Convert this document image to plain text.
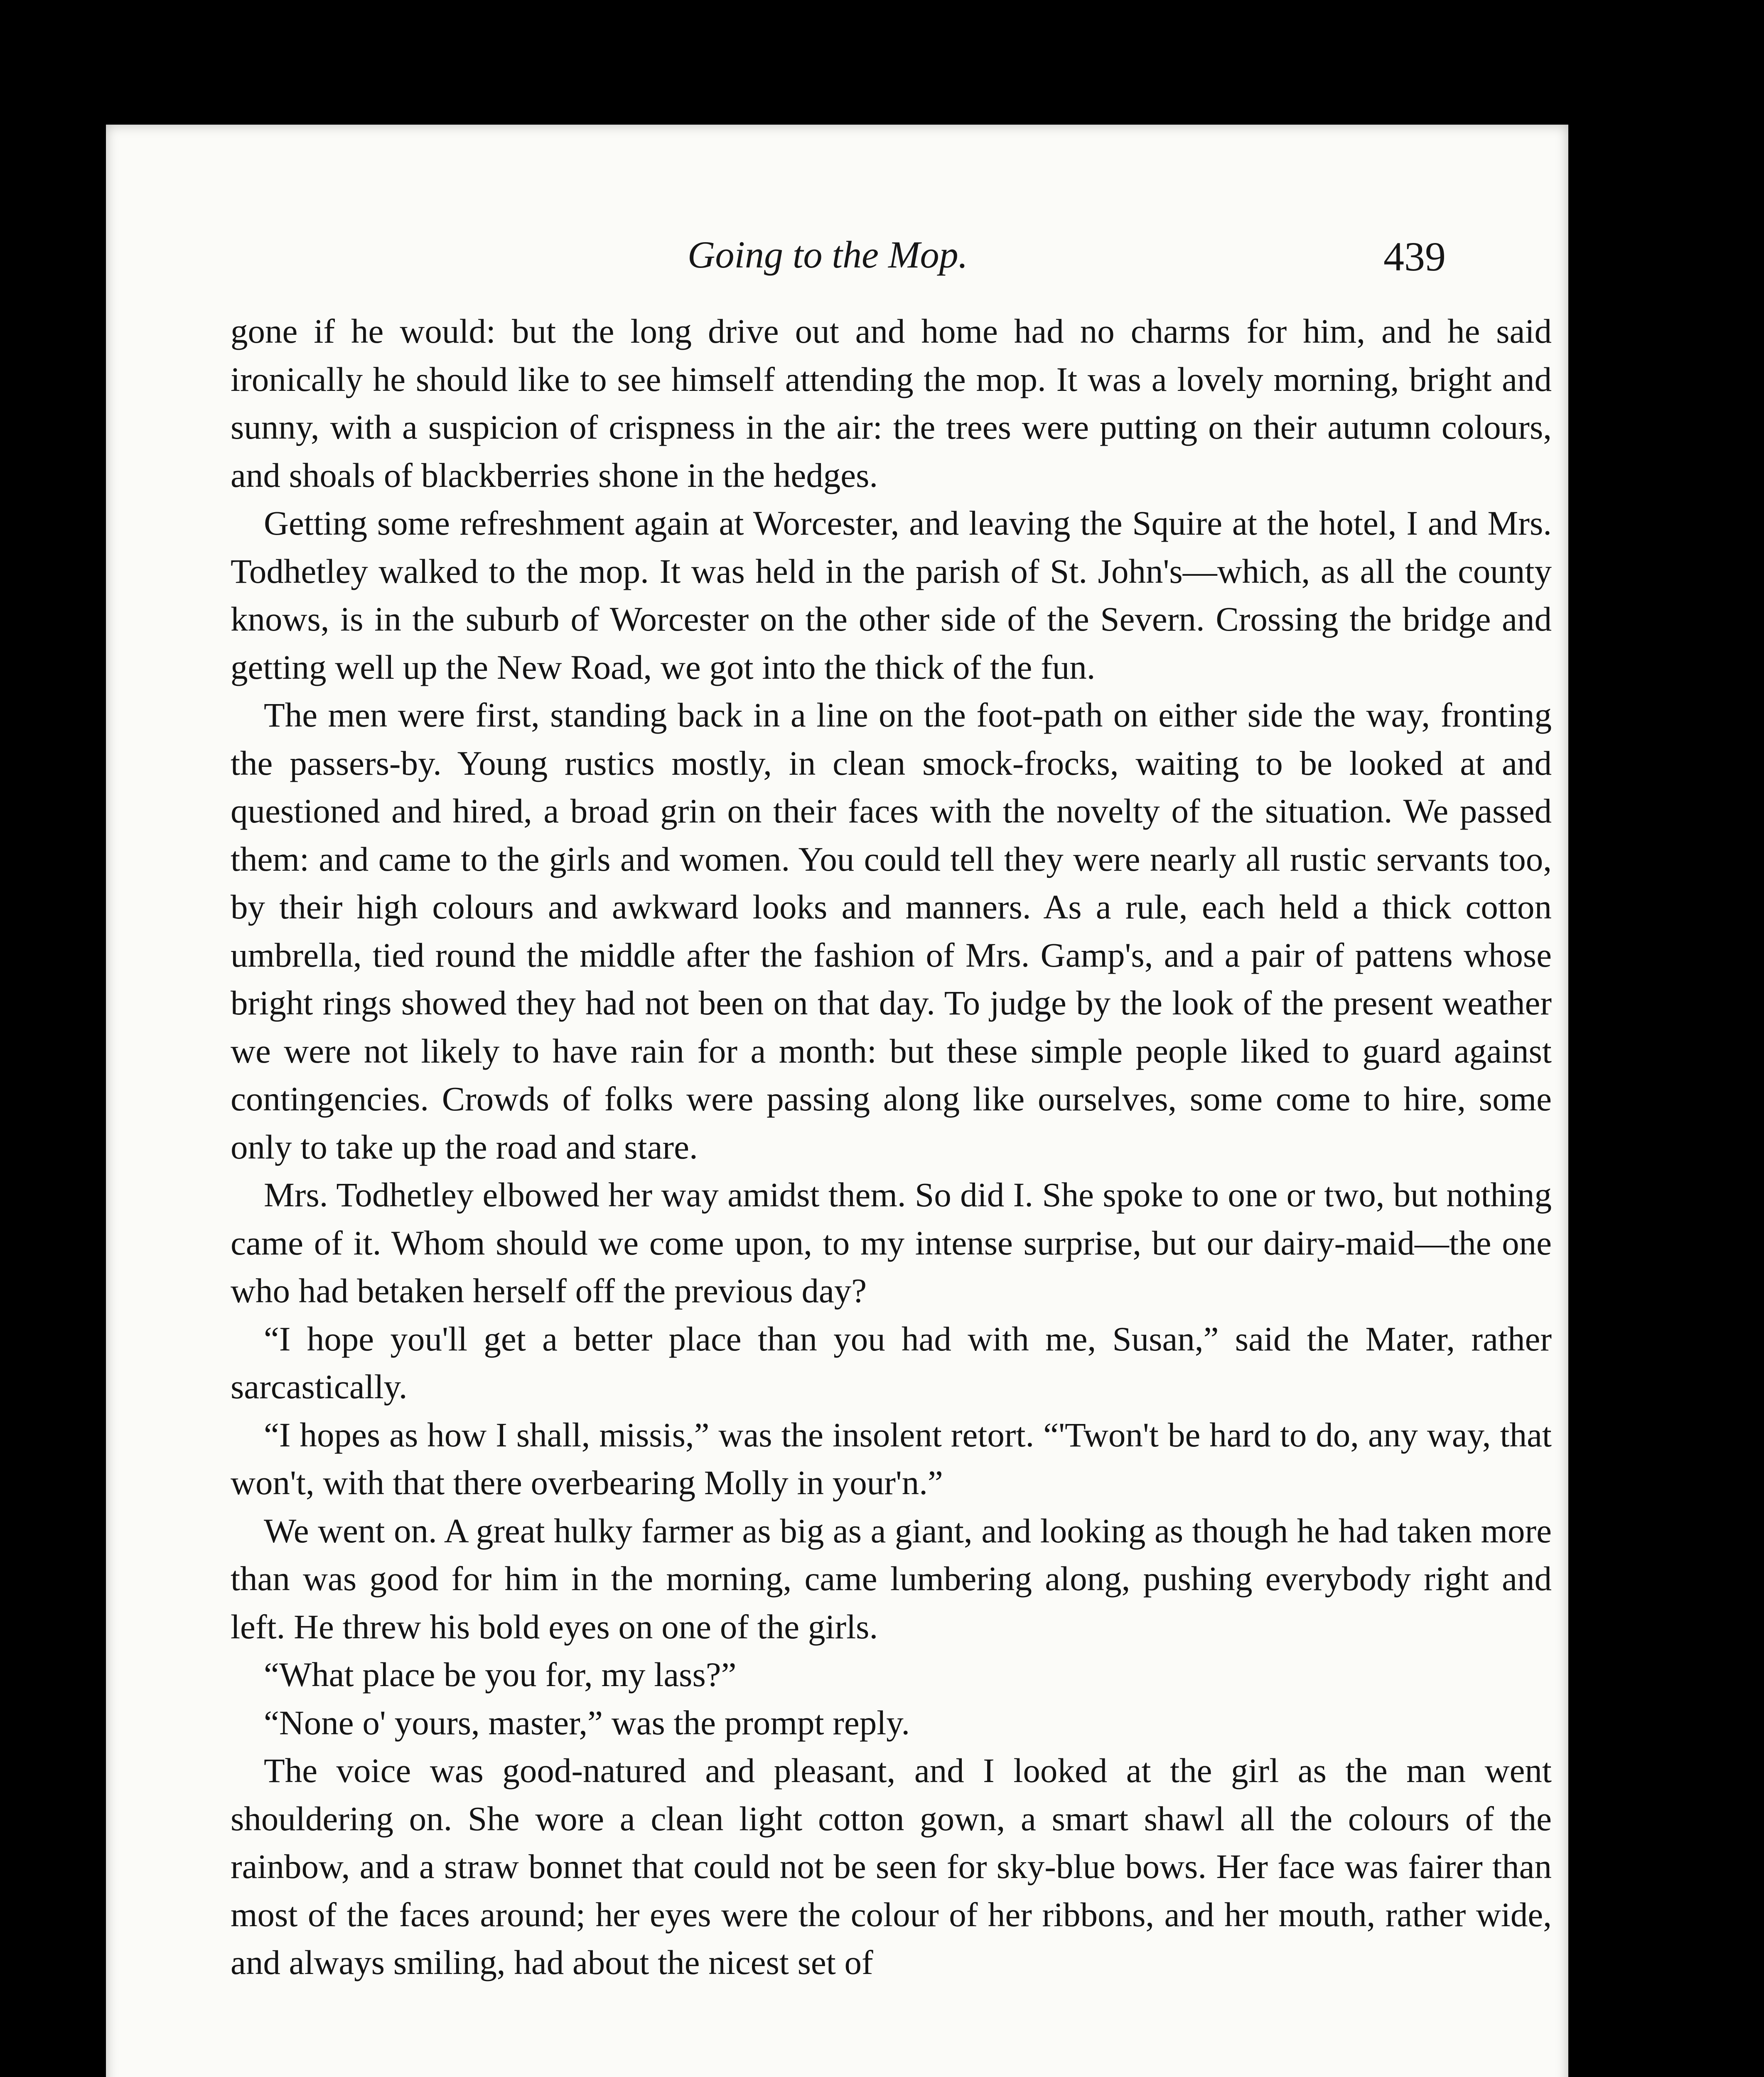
Going to the Mop.	439

gone if he would: but the long drive out and home had no charms for him, and he said ironically he should like to see himself attending the mop. It was a lovely morning, bright and sunny, with a suspicion of crispness in the air: the trees were putting on their autumn colours, and shoals of blackberries shone in the hedges.

Getting some refreshment again at Worcester, and leaving the Squire at the hotel, I and Mrs. Todhetley walked to the mop. It was held in the parish of St. John's—which, as all the county knows, is in the suburb of Worcester on the other side of the Severn. Crossing the bridge and getting well up the New Road, we got into the thick of the fun.

The men were first, standing back in a line on the foot-path on either side the way, fronting the passers-by. Young rustics mostly, in clean smock-frocks, waiting to be looked at and questioned and hired, a broad grin on their faces with the novelty of the situation. We passed them: and came to the girls and women. You could tell they were nearly all rustic servants too, by their high colours and awkward looks and manners. As a rule, each held a thick cotton umbrella, tied round the middle after the fashion of Mrs. Gamp's, and a pair of pattens whose bright rings showed they had not been on that day. To judge by the look of the present weather we were not likely to have rain for a month: but these simple people liked to guard against contingencies. Crowds of folks were passing along like ourselves, some come to hire, some only to take up the road and stare.

Mrs. Todhetley elbowed her way amidst them. So did I. She spoke to one or two, but nothing came of it. Whom should we come upon, to my intense surprise, but our dairy-maid—the one who had betaken herself off the previous day?

“I hope you'll get a better place than you had with me, Susan,” said the Mater, rather sarcastically.

“I hopes as how I shall, missis,” was the insolent retort. “'Twon't be hard to do, any way, that won't, with that there overbearing Molly in your'n.”

We went on. A great hulky farmer as big as a giant, and looking as though he had taken more than was good for him in the morning, came lumbering along, pushing everybody right and left. He threw his bold eyes on one of the girls.

“What place be you for, my lass?”

“None o' yours, master,” was the prompt reply.

The voice was good-natured and pleasant, and I looked at the girl as the man went shouldering on. She wore a clean light cotton gown, a smart shawl all the colours of the rainbow, and a straw bonnet that could not be seen for sky-blue bows. Her face was fairer than most of the faces around; her eyes were the colour of her ribbons, and her mouth, rather wide, and always smiling, had about the nicest set of
